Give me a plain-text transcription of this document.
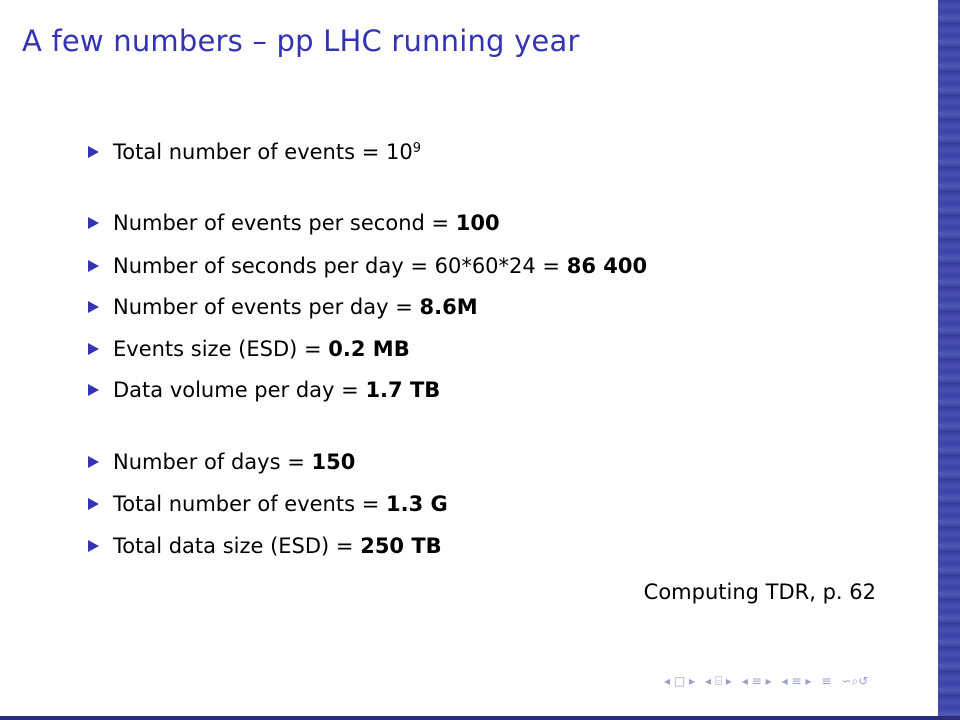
A few numbers – pp LHC running year
Total number of events = $10^9$
Number of events per second =
100
Number of seconds per day = 60*60*24 =
86 400
Number of events per day =
8.6M
Events size (ESD) =
0.2 MB
Data volume per day =
1.7 TB
Number of days =
150
Total number of events =
1.3 G
Total data size (ESD) =
250 TB
Computing TDR, p. 62
◂ □ ▸ ◂ ⌸ ▸ ◂ ≡ ▸ ◂ ≡ ▸ ≡ ∽⌕↺
